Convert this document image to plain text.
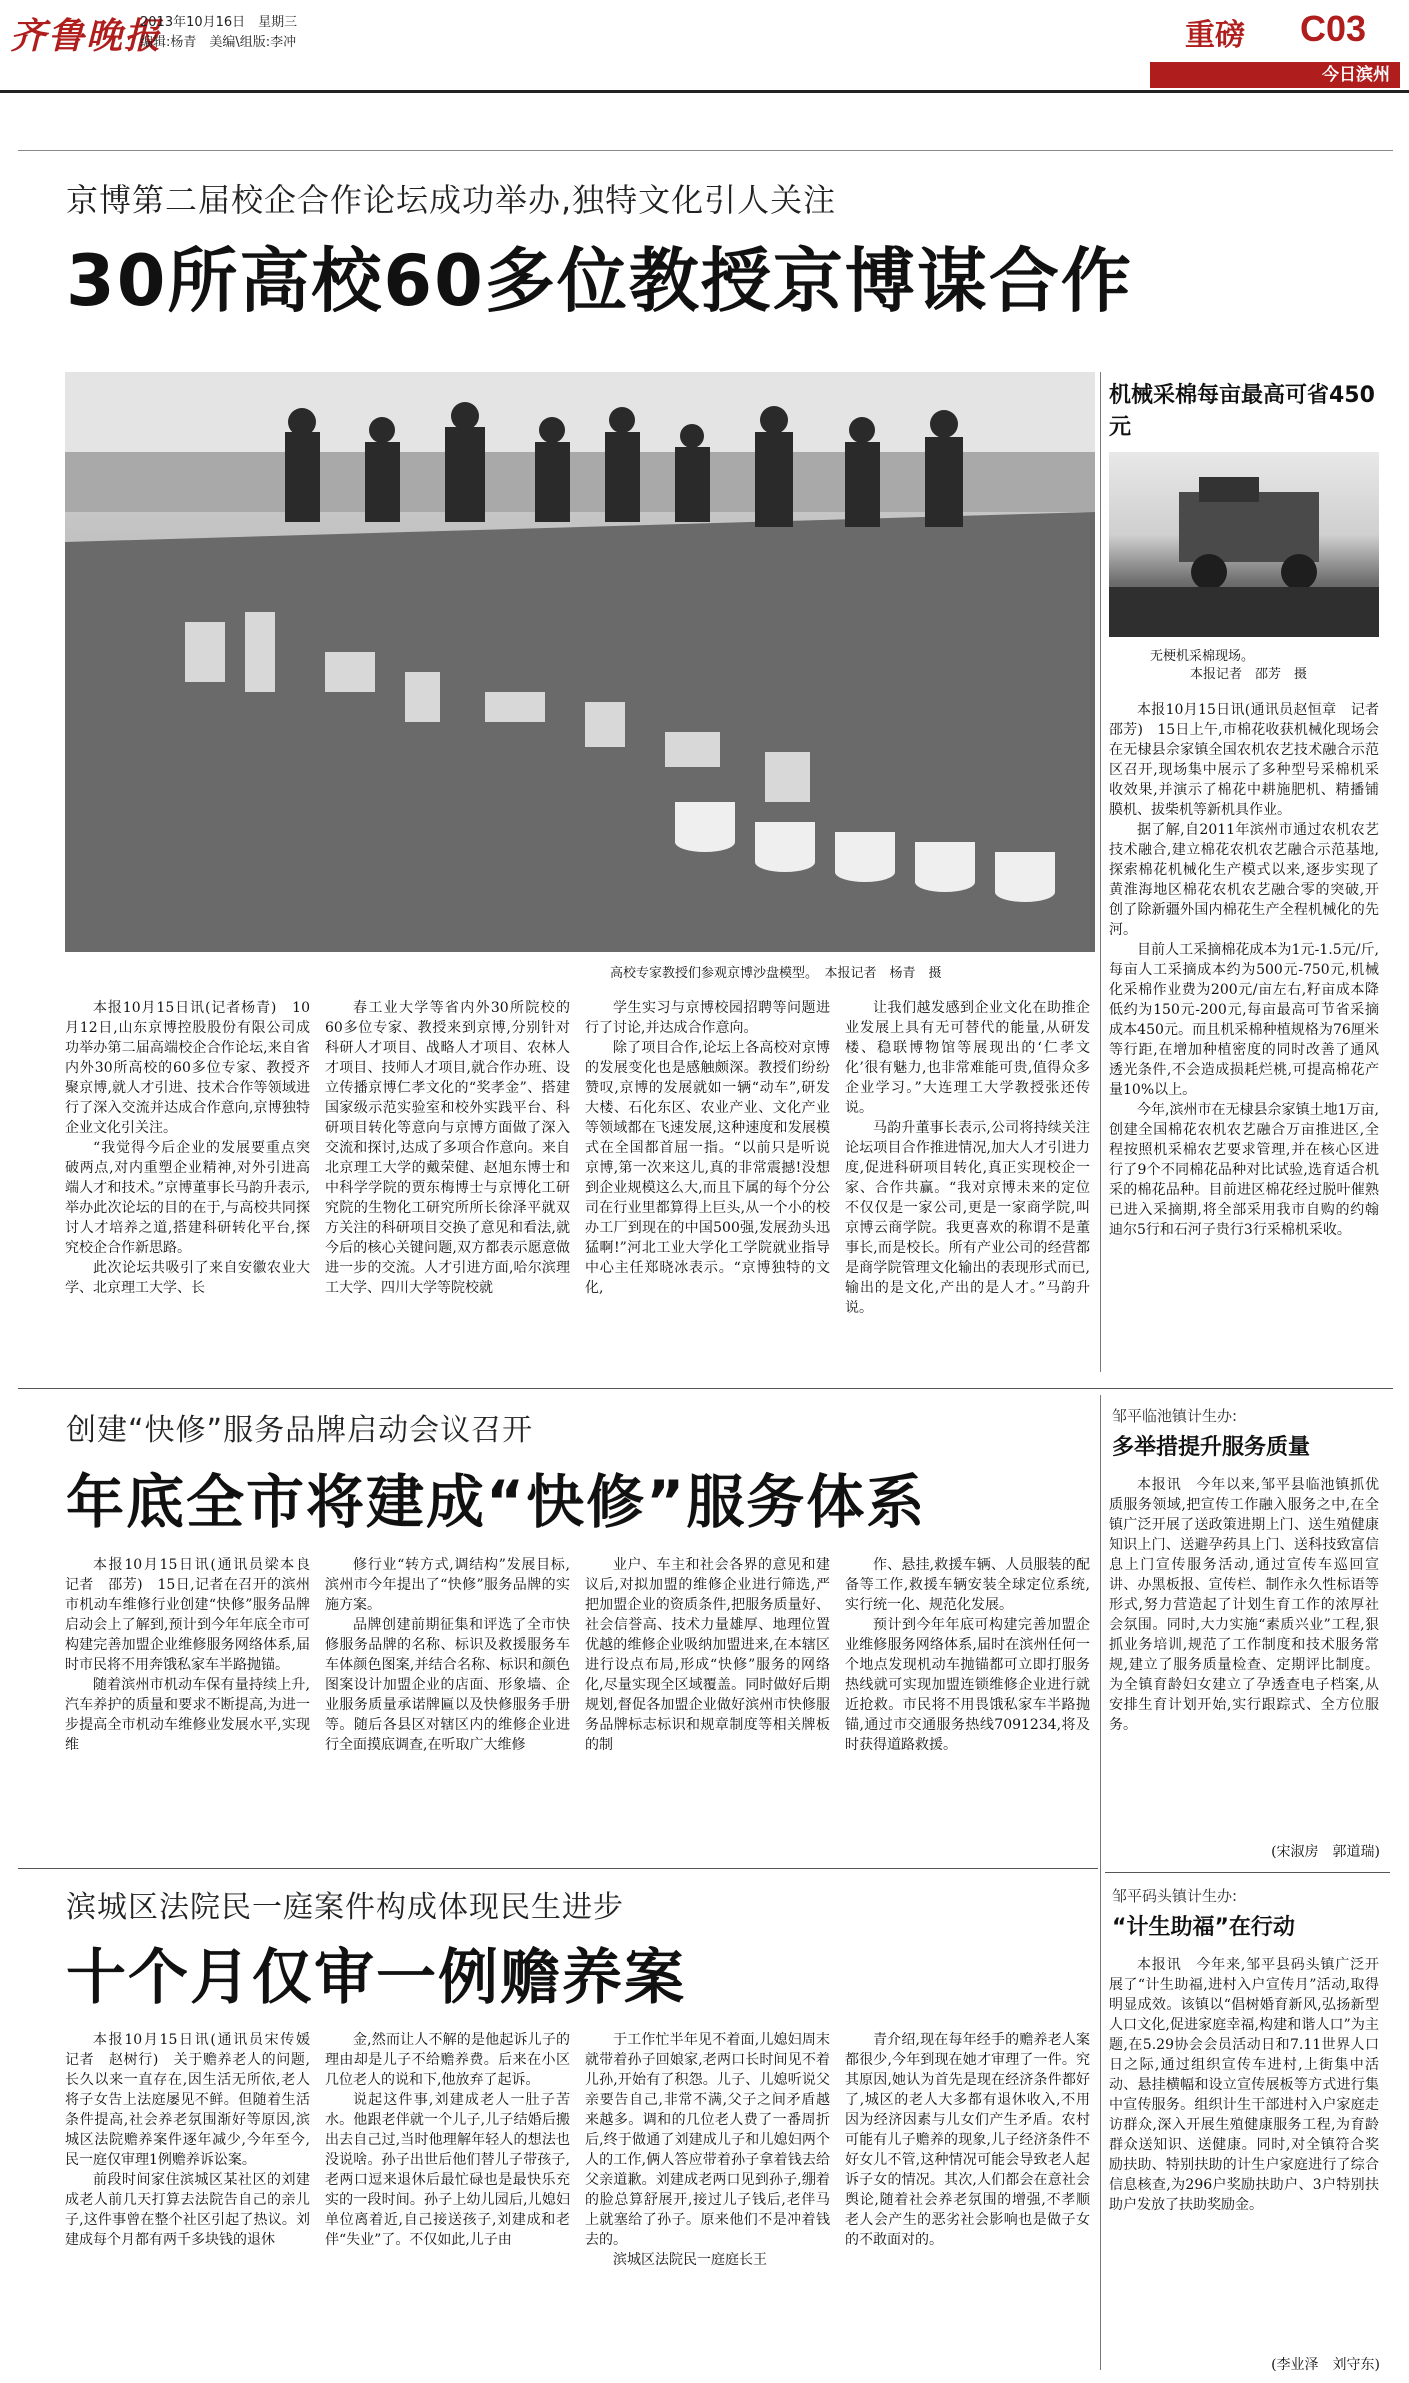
齐鲁晚报
2013年10月16日　星期三
编辑:杨青　美编\组版:李冲	重磅 C03
今日滨州
京博第二届校企合作论坛成功举办,独特文化引人关注
30所高校60多位教授京博谋合作
高校专家教授们参观京博沙盘模型。　本报记者　杨青　摄

本报10月15日讯(记者杨青)　10月12日,山东京博控股股份有限公司成功举办第二届高端校企合作论坛,来自省内外30所高校的60多位专家、教授齐聚京博,就人才引进、技术合作等领域进行了深入交流并达成合作意向,京博独特企业文化引关注。

“我觉得今后企业的发展要重点突破两点,对内重塑企业精神,对外引进高端人才和技术。”京博董事长马韵升表示,举办此次论坛的目的在于,与高校共同探讨人才培养之道,搭建科研转化平台,探究校企合作新思路。

此次论坛共吸引了来自安徽农业大学、北京理工大学、长

春工业大学等省内外30所院校的60多位专家、教授来到京博,分别针对科研人才项目、战略人才项目、农林人才项目、技师人才项目,就合作办班、设立传播京博仁孝文化的“奖孝金”、搭建国家级示范实验室和校外实践平台、科研项目转化等意向与京博方面做了深入交流和探讨,达成了多项合作意向。来自北京理工大学的戴荣健、赵旭东博士和中科学学院的贾东梅博士与京博化工研究院的生物化工研究所所长徐泽平就双方关注的科研项目交换了意见和看法,就今后的核心关键问题,双方都表示愿意做进一步的交流。人才引进方面,哈尔滨理工大学、四川大学等院校就

学生实习与京博校园招聘等问题进行了讨论,并达成合作意向。

除了项目合作,论坛上各高校对京博的发展变化也是感触颇深。教授们纷纷赞叹,京博的发展就如一辆“动车”,研发大楼、石化东区、农业产业、文化产业等领域都在飞速发展,这种速度和发展模式在全国都首屈一指。“以前只是听说京博,第一次来这儿,真的非常震撼!没想到企业规模这么大,而且下属的每个分公司在行业里都算得上巨头,从一个小的校办工厂到现在的中国500强,发展劲头迅猛啊!”河北工业大学化工学院就业指导中心主任郑晓冰表示。“京博独特的文化,

让我们越发感到企业文化在助推企业发展上具有无可替代的能量,从研发楼、稳联博物馆等展现出的‘仁孝文化’很有魅力,也非常难能可贵,值得众多企业学习。”大连理工大学教授张还传说。

马韵升董事长表示,公司将持续关注论坛项目合作推进情况,加大人才引进力度,促进科研项目转化,真正实现校企一家、合作共赢。“我对京博未来的定位不仅仅是一家公司,更是一家商学院,叫京博云商学院。我更喜欢的称谓不是董事长,而是校长。所有产业公司的经营都是商学院管理文化输出的表现形式而已,输出的是文化,产出的是人才。”马韵升说。

机械采棉每亩最高可省450元
无梗机采棉现场。
本报记者　邵芳　摄

本报10月15日讯(通讯员赵恒章　记者　邵芳)　15日上午,市棉花收获机械化现场会在无棣县佘家镇全国农机农艺技术融合示范区召开,现场集中展示了多种型号采棉机采收效果,并演示了棉花中耕施肥机、精播铺膜机、拔柴机等新机具作业。

据了解,自2011年滨州市通过农机农艺技术融合,建立棉花农机农艺融合示范基地,探索棉花机械化生产模式以来,逐步实现了黄淮海地区棉花农机农艺融合零的突破,开创了除新疆外国内棉花生产全程机械化的先河。

目前人工采摘棉花成本为1元-1.5元/斤,每亩人工采摘成本约为500元-750元,机械化采棉作业费为200元/亩左右,籽亩成本降低约为150元-200元,每亩最高可节省采摘成本450元。而且机采棉种植规格为76厘米等行距,在增加种植密度的同时改善了通风透光条件,不会造成损耗烂桃,可提高棉花产量10%以上。

今年,滨州市在无棣县佘家镇土地1万亩,创建全国棉花农机农艺融合万亩推进区,全程按照机采棉农艺要求管理,并在核心区进行了9个不同棉花品种对比试验,选育适合机采的棉花品种。目前进区棉花经过脱叶催熟已进入采摘期,将全部采用我市自购的约翰迪尔5行和石河子贵行3行采棉机采收。

创建“快修”服务品牌启动会议召开
年底全市将建成“快修”服务体系

本报10月15日讯(通讯员梁本良　记者　邵芳)　15日,记者在召开的滨州市机动车维修行业创建“快修”服务品牌启动会上了解到,预计到今年年底全市可构建完善加盟企业维修服务网络体系,届时市民将不用奔饿私家车半路抛锚。

随着滨州市机动车保有量持续上升,汽车养护的质量和要求不断提高,为进一步提高全市机动车维修业发展水平,实现维

修行业“转方式,调结构”发展目标,滨州市今年提出了“快修”服务品牌的实施方案。

品牌创建前期征集和评选了全市快修服务品牌的名称、标识及救援服务车车体颜色图案,并结合名称、标识和颜色图案设计加盟企业的店面、形象墙、企业服务质量承诺牌匾以及快修服务手册等。随后各县区对辖区内的维修企业进行全面摸底调查,在听取广大维修

业户、车主和社会各界的意见和建议后,对拟加盟的维修企业进行筛选,严把加盟企业的资质条件,把服务质量好、社会信誉高、技术力量雄厚、地理位置优越的维修企业吸纳加盟进来,在本辖区进行设点布局,形成“快修”服务的网络化,尽量实现全区域覆盖。同时做好后期规划,督促各加盟企业做好滨州市快修服务品牌标志标识和规章制度等相关牌板的制

作、悬挂,救援车辆、人员服装的配备等工作,救援车辆安装全球定位系统,实行统一化、规范化发展。

预计到今年年底可构建完善加盟企业维修服务网络体系,届时在滨州任何一个地点发现机动车抛锚都可立即打服务热线就可实现加盟连锁维修企业进行就近抢救。市民将不用畏饿私家车半路抛锚,通过市交通服务热线7091234,将及时获得道路救援。

邹平临池镇计生办:
多举措提升服务质量

本报讯　今年以来,邹平县临池镇抓优质服务领域,把宣传工作融入服务之中,在全镇广泛开展了送政策进期上门、送生殖健康知识上门、送避孕药具上门、送科技致富信息上门宣传服务活动,通过宣传车巡回宣讲、办黑板报、宣传栏、制作永久性标语等形式,努力营造起了计划生育工作的浓厚社会氛围。同时,大力实施“素质兴业”工程,狠抓业务培训,规范了工作制度和技术服务常规,建立了服务质量检查、定期评比制度。为全镇育龄妇女建立了孕透查电子档案,从安排生育计划开始,实行跟踪式、全方位服务。

(宋淑房　郭道瑞)
滨城区法院民一庭案件构成体现民生进步
十个月仅审一例赡养案

本报10月15日讯(通讯员宋传媛　记者　赵树行)　关于赡养老人的问题,长久以来一直存在,因生活无所依,老人将子女告上法庭屡见不鲜。但随着生活条件提高,社会养老氛围渐好等原因,滨城区法院赡养案件逐年减少,今年至今,民一庭仅审理1例赡养诉讼案。

前段时间家住滨城区某社区的刘建成老人前几天打算去法院告自己的亲儿子,这件事曾在整个社区引起了热议。刘建成每个月都有两千多块钱的退休

金,然而让人不解的是他起诉儿子的理由却是儿子不给赡养费。后来在小区几位老人的说和下,他放弃了起诉。

说起这件事,刘建成老人一肚子苦水。他跟老伴就一个儿子,儿子结婚后搬出去自己过,当时他理解年轻人的想法也没说啥。孙子出世后他们替儿子带孩子,老两口逗来退休后最忙碌也是最快乐充实的一段时间。孙子上幼儿园后,儿媳妇单位离着近,自己接送孩子,刘建成和老伴“失业”了。不仅如此,儿子由

于工作忙半年见不着面,儿媳妇周末就带着孙子回娘家,老两口长时间见不着儿孙,开始有了积怨。儿子、儿媳听说父亲要告自己,非常不满,父子之间矛盾越来越多。调和的几位老人费了一番周折后,终于做通了刘建成儿子和儿媳妇两个人的工作,俩人答应带着孙子拿着钱去给父亲道歉。刘建成老两口见到孙子,绷着的脸总算舒展开,接过儿子钱后,老伴马上就塞给了孙子。原来他们不是冲着钱去的。

滨城区法院民一庭庭长王

青介绍,现在每年经手的赡养老人案都很少,今年到现在她才审理了一件。究其原因,她认为首先是现在经济条件都好了,城区的老人大多都有退休收入,不用因为经济因素与儿女们产生矛盾。农村可能有儿子赡养的现象,儿子经济条件不好女儿不管,这种情况可能会导致老人起诉子女的情况。其次,人们都会在意社会舆论,随着社会养老氛围的增强,不孝顺老人会产生的恶劣社会影响也是做子女的不敢面对的。

邹平码头镇计生办:
“计生助福”在行动

本报讯　今年来,邹平县码头镇广泛开展了“计生助福,进村入户宣传月”活动,取得明显成效。该镇以“倡树婚育新风,弘扬新型人口文化,促进家庭幸福,构建和谐人口”为主题,在5.29协会会员活动日和7.11世界人口日之际,通过组织宣传车进村,上街集中活动、悬挂横幅和设立宣传展板等方式进行集中宣传服务。组织计生干部进村入户家庭走访群众,深入开展生殖健康服务工程,为育龄群众送知识、送健康。同时,对全镇符合奖励扶助、特别扶助的计生户家庭进行了综合信息核查,为296户奖励扶助户、3户特别扶助户发放了扶助奖励金。

(李业泽　刘守东)
